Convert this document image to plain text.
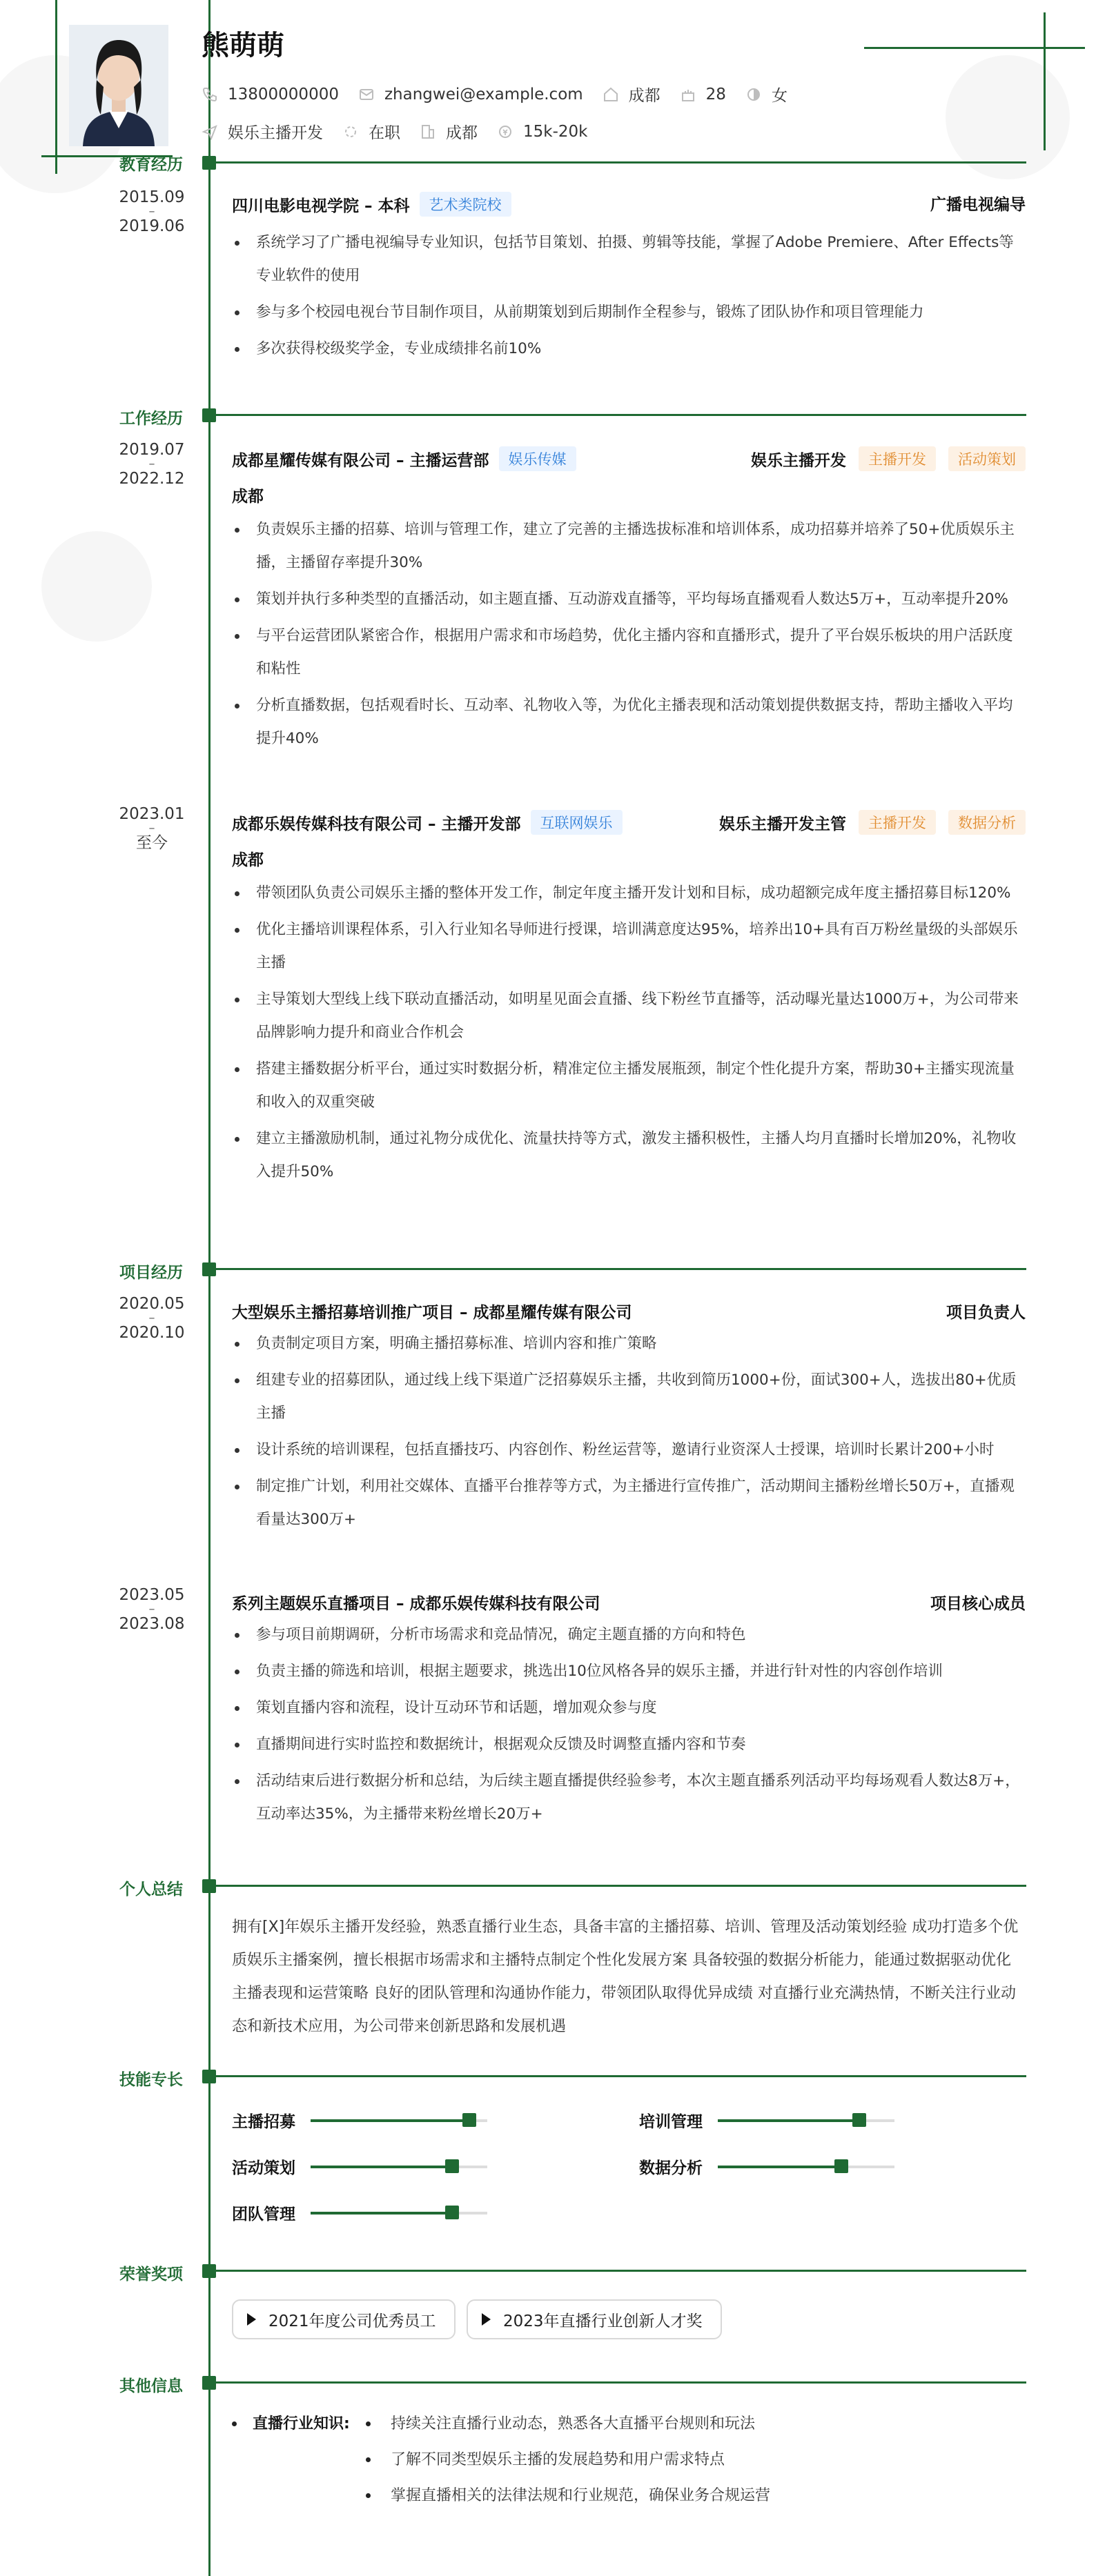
熊萌萌
13800000000	zhangwei@example.com	成都	28	女
娱乐主播开发	在职	成都	15k-20k
教育经历
2015.09
–
2019.06
四川电影电视学院 – 本科	艺术类院校	广播电视编导
系统学习了广播电视编导专业知识，包括节目策划、拍摄、剪辑等技能，掌握了Adobe Premiere、After Effects等专业软件的使用
参与多个校园电视台节目制作项目，从前期策划到后期制作全程参与，锻炼了团队协作和项目管理能力
多次获得校级奖学金，专业成绩排名前10%
工作经历
2019.07
–
2022.12
成都星耀传媒有限公司 – 主播运营部	娱乐传媒	娱乐主播开发	主播开发	活动策划
成都
负责娱乐主播的招募、培训与管理工作，建立了完善的主播选拔标准和培训体系，成功招募并培养了50+优质娱乐主播，主播留存率提升30%
策划并执行多种类型的直播活动，如主题直播、互动游戏直播等，平均每场直播观看人数达5万+，互动率提升20%
与平台运营团队紧密合作，根据用户需求和市场趋势，优化主播内容和直播形式，提升了平台娱乐板块的用户活跃度和粘性
分析直播数据，包括观看时长、互动率、礼物收入等，为优化主播表现和活动策划提供数据支持，帮助主播收入平均提升40%
2023.01
–
至今
成都乐娱传媒科技有限公司 – 主播开发部	互联网娱乐	娱乐主播开发主管	主播开发	数据分析
成都
带领团队负责公司娱乐主播的整体开发工作，制定年度主播开发计划和目标，成功超额完成年度主播招募目标120%
优化主播培训课程体系，引入行业知名导师进行授课，培训满意度达95%，培养出10+具有百万粉丝量级的头部娱乐主播
主导策划大型线上线下联动直播活动，如明星见面会直播、线下粉丝节直播等，活动曝光量达1000万+，为公司带来品牌影响力提升和商业合作机会
搭建主播数据分析平台，通过实时数据分析，精准定位主播发展瓶颈，制定个性化提升方案，帮助30+主播实现流量和收入的双重突破
建立主播激励机制，通过礼物分成优化、流量扶持等方式，激发主播积极性，主播人均月直播时长增加20%，礼物收入提升50%
项目经历
2020.05
–
2020.10
大型娱乐主播招募培训推广项目 – 成都星耀传媒有限公司	项目负责人
负责制定项目方案，明确主播招募标准、培训内容和推广策略
组建专业的招募团队，通过线上线下渠道广泛招募娱乐主播，共收到简历1000+份，面试300+人，选拔出80+优质主播
设计系统的培训课程，包括直播技巧、内容创作、粉丝运营等，邀请行业资深人士授课，培训时长累计200+小时
制定推广计划，利用社交媒体、直播平台推荐等方式，为主播进行宣传推广，活动期间主播粉丝增长50万+，直播观看量达300万+
2023.05
–
2023.08
系列主题娱乐直播项目 – 成都乐娱传媒科技有限公司	项目核心成员
参与项目前期调研，分析市场需求和竞品情况，确定主题直播的方向和特色
负责主播的筛选和培训，根据主题要求，挑选出10位风格各异的娱乐主播，并进行针对性的内容创作培训
策划直播内容和流程，设计互动环节和话题，增加观众参与度
直播期间进行实时监控和数据统计，根据观众反馈及时调整直播内容和节奏
活动结束后进行数据分析和总结，为后续主题直播提供经验参考，本次主题直播系列活动平均每场观看人数达8万+，互动率达35%，为主播带来粉丝增长20万+
个人总结
拥有[X]年娱乐主播开发经验，熟悉直播行业生态，具备丰富的主播招募、培训、管理及活动策划经验 成功打造多个优质娱乐主播案例，擅长根据市场需求和主播特点制定个性化发展方案 具备较强的数据分析能力，能通过数据驱动优化主播表现和运营策略 良好的团队管理和沟通协作能力，带领团队取得优异成绩 对直播行业充满热情，不断关注行业动态和新技术应用，为公司带来创新思路和发展机遇
技能专长
主播招募	培训管理
活动策划	数据分析
团队管理
荣誉奖项
2021年度公司优秀员工	2023年直播行业创新人才奖
其他信息
直播行业知识:	持续关注直播行业动态，熟悉各大直播平台规则和玩法
了解不同类型娱乐主播的发展趋势和用户需求特点
掌握直播相关的法律法规和行业规范，确保业务合规运营
